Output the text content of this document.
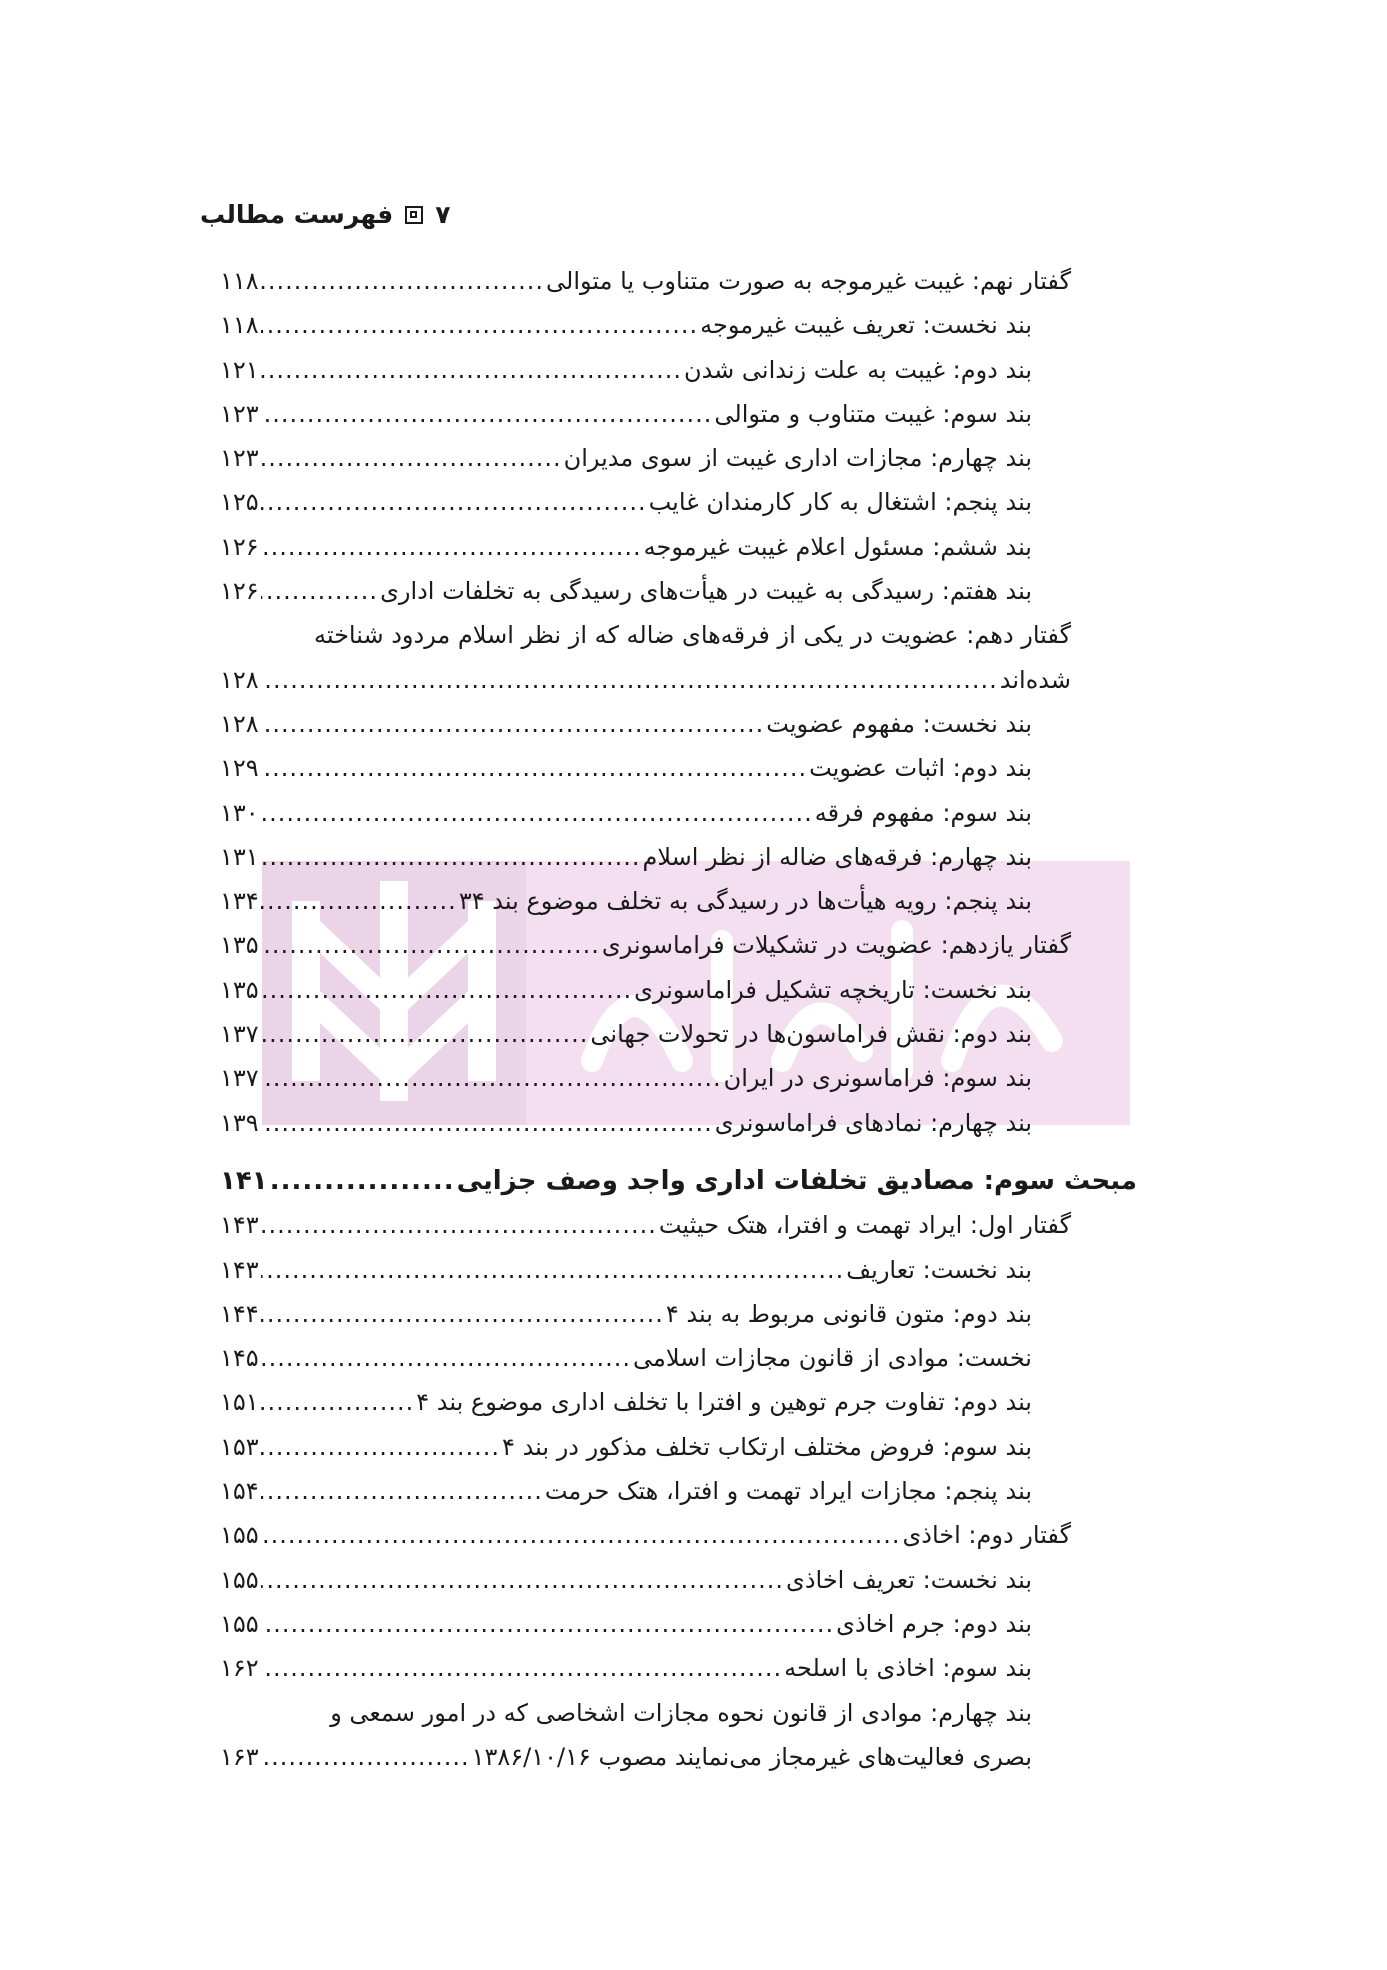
فهرست مطالب ۷
گفتار نهم: غیبت غیرموجه به صورت متناوب یا متوالی
.....
۱۱۸
بند نخست: تعریف غیبت غیرموجه
.....
۱۱۸
بند دوم: غیبت به علت زندانی شدن
.....
۱۲۱
بند سوم: غیبت متناوب و متوالی
.....
۱۲۳
بند چهارم: مجازات اداری غیبت از سوی مدیران
.....
۱۲۳
بند پنجم: اشتغال به کار کارمندان غایب
.....
۱۲۵
بند ششم: مسئول اعلام غیبت غیرموجه
.....
۱۲۶
بند هفتم: رسیدگی به غیبت در هیأت‌های رسیدگی به تخلفات اداری
.....
۱۲۶
گفتار دهم: عضویت در یکی از فرقه‌های ضاله که از نظر اسلام مردود شناخته
شده‌اند
.....
۱۲۸
بند نخست: مفهوم عضویت
.....
۱۲۸
بند دوم: اثبات عضویت
.....
۱۲۹
بند سوم: مفهوم فرقه
.....
۱۳۰
بند چهارم: فرقه‌های ضاله از نظر اسلام
.....
۱۳۱
بند پنجم: رویه هیأت‌ها در رسیدگی به تخلف موضوع بند ۳۴
.....
۱۳۴
گفتار یازدهم: عضویت در تشکیلات فراماسونری
.....
۱۳۵
بند نخست: تاریخچه تشکیل فراماسونری
.....
۱۳۵
بند دوم: نقش فراماسون‌ها در تحولات جهانی
.....
۱۳۷
بند سوم: فراماسونری در ایران
.....
۱۳۷
بند چهارم: نمادهای فراماسونری
.....
۱۳۹
مبحث سوم: مصادیق تخلفات اداری واجد وصف جزایی
.....
۱۴۱
گفتار اول: ایراد تهمت و افترا، هتک حیثیت
.....
۱۴۳
بند نخست: تعاریف
.....
۱۴۳
بند دوم: متون قانونی مربوط به بند ۴
.....
۱۴۴
نخست: موادی از قانون مجازات اسلامی
.....
۱۴۵
بند دوم: تفاوت جرم توهین و افترا با تخلف اداری موضوع بند ۴
.....
۱۵۱
بند سوم: فروض مختلف ارتکاب تخلف مذکور در بند ۴
.....
۱۵۳
بند پنجم: مجازات ایراد تهمت و افترا، هتک حرمت
.....
۱۵۴
گفتار دوم: اخاذی
.....
۱۵۵
بند نخست: تعریف اخاذی
.....
۱۵۵
بند دوم: جرم اخاذی
.....
۱۵۵
بند سوم: اخاذی با اسلحه
.....
۱۶۲
بند چهارم: موادی از قانون نحوه مجازات اشخاصی که در امور سمعی و
بصری فعالیت‌های غیرمجاز می‌نمایند مصوب ۱۳۸۶/۱۰/۱۶
.....
۱۶۳
